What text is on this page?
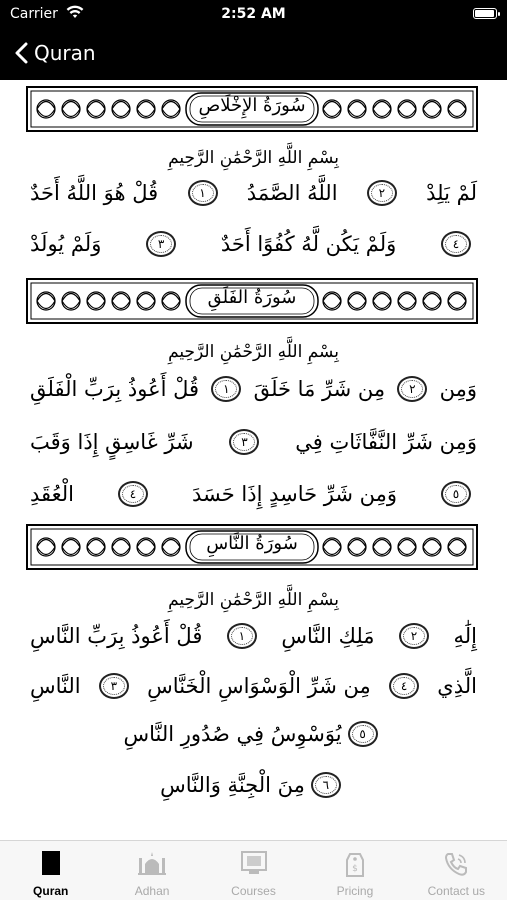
Carrier	2:52 AM
Quran
سُورَةُ الإِخْلَاصِ
بِسْمِ اللَّهِ الرَّحْمَٰنِ الرَّحِيمِ
قُلْ هُوَ اللَّهُ أَحَدٌ	١	اللَّهُ الصَّمَدُ	٢	لَمْ يَلِدْ
وَلَمْ يُولَدْ	٣	وَلَمْ يَكُن لَّهُ كُفُوًا أَحَدٌ	٤
سُورَةُ الفَلَقِ
بِسْمِ اللَّهِ الرَّحْمَٰنِ الرَّحِيمِ
قُلْ أَعُوذُ بِرَبِّ الْفَلَقِ	١	مِن شَرِّ مَا خَلَقَ	٢	وَمِن
شَرِّ غَاسِقٍ إِذَا وَقَبَ	٣	وَمِن شَرِّ النَّفَّاثَاتِ فِي
الْعُقَدِ	٤	وَمِن شَرِّ حَاسِدٍ إِذَا حَسَدَ	٥
سُورَةُ النَّاسِ
بِسْمِ اللَّهِ الرَّحْمَٰنِ الرَّحِيمِ
قُلْ أَعُوذُ بِرَبِّ النَّاسِ	١	مَلِكِ النَّاسِ	٢	إِلَٰهِ
النَّاسِ	٣	مِن شَرِّ الْوَسْوَاسِ الْخَنَّاسِ	٤	الَّذِي
يُوَسْوِسُ فِي صُدُورِ النَّاسِ	٥
مِنَ الْجِنَّةِ وَالنَّاسِ	٦
Quran	Adhan	Courses
$
Pricing	Contact us
